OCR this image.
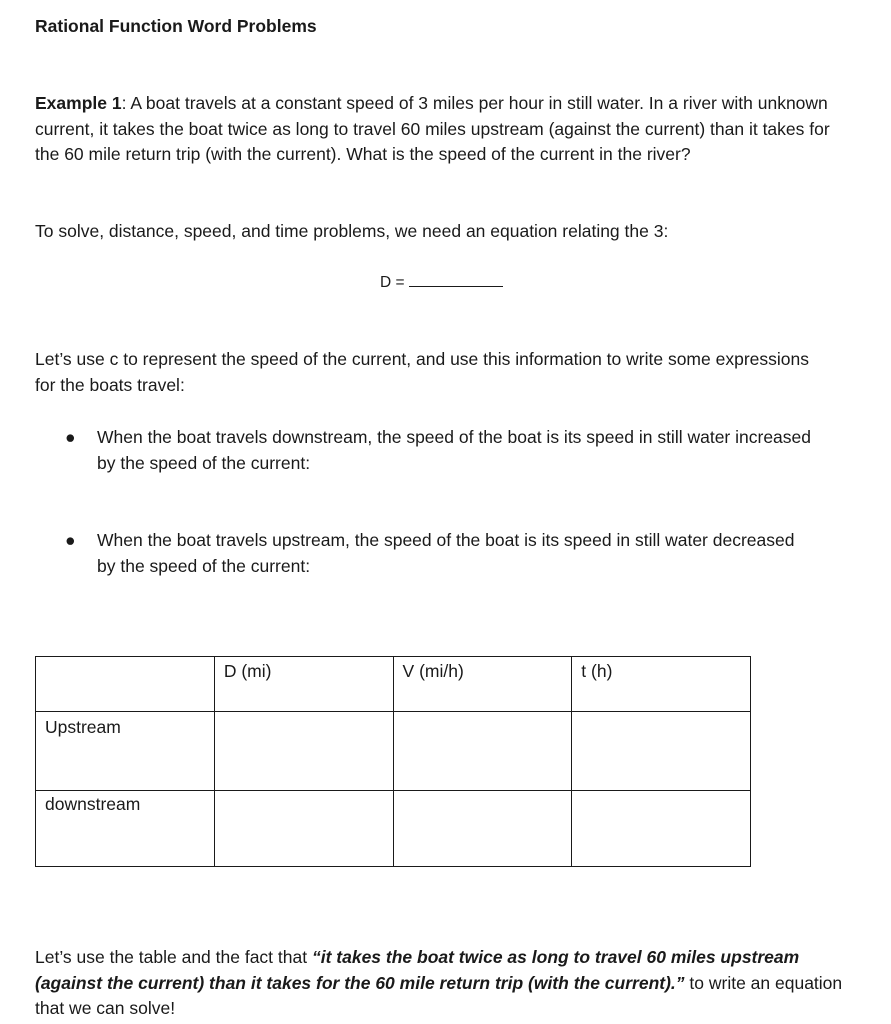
Rational Function Word Problems
Example 1: A boat travels at a constant speed of 3 miles per hour in still water. In a river with unknown current, it takes the boat twice as long to travel 60 miles upstream (against the current) than it takes for the 60 mile return trip (with the current). What is the speed of the current in the river?
To solve, distance, speed, and time problems, we need an equation relating the 3:
D =
Let’s use c to represent the speed of the current, and use this information to write some expressions for the boats travel:
● When the boat travels downstream, the speed of the boat is its speed in still water increased by the speed of the current:
● When the boat travels upstream, the speed of the boat is its speed in still water decreased by the speed of the current:
	D (mi)	V (mi/h)	t (h)
Upstream			
downstream			
Let’s use the table and the fact that “it takes the boat twice as long to travel 60 miles upstream (against the current) than it takes for the 60 mile return trip (with the current).” to write an equation that we can solve!
